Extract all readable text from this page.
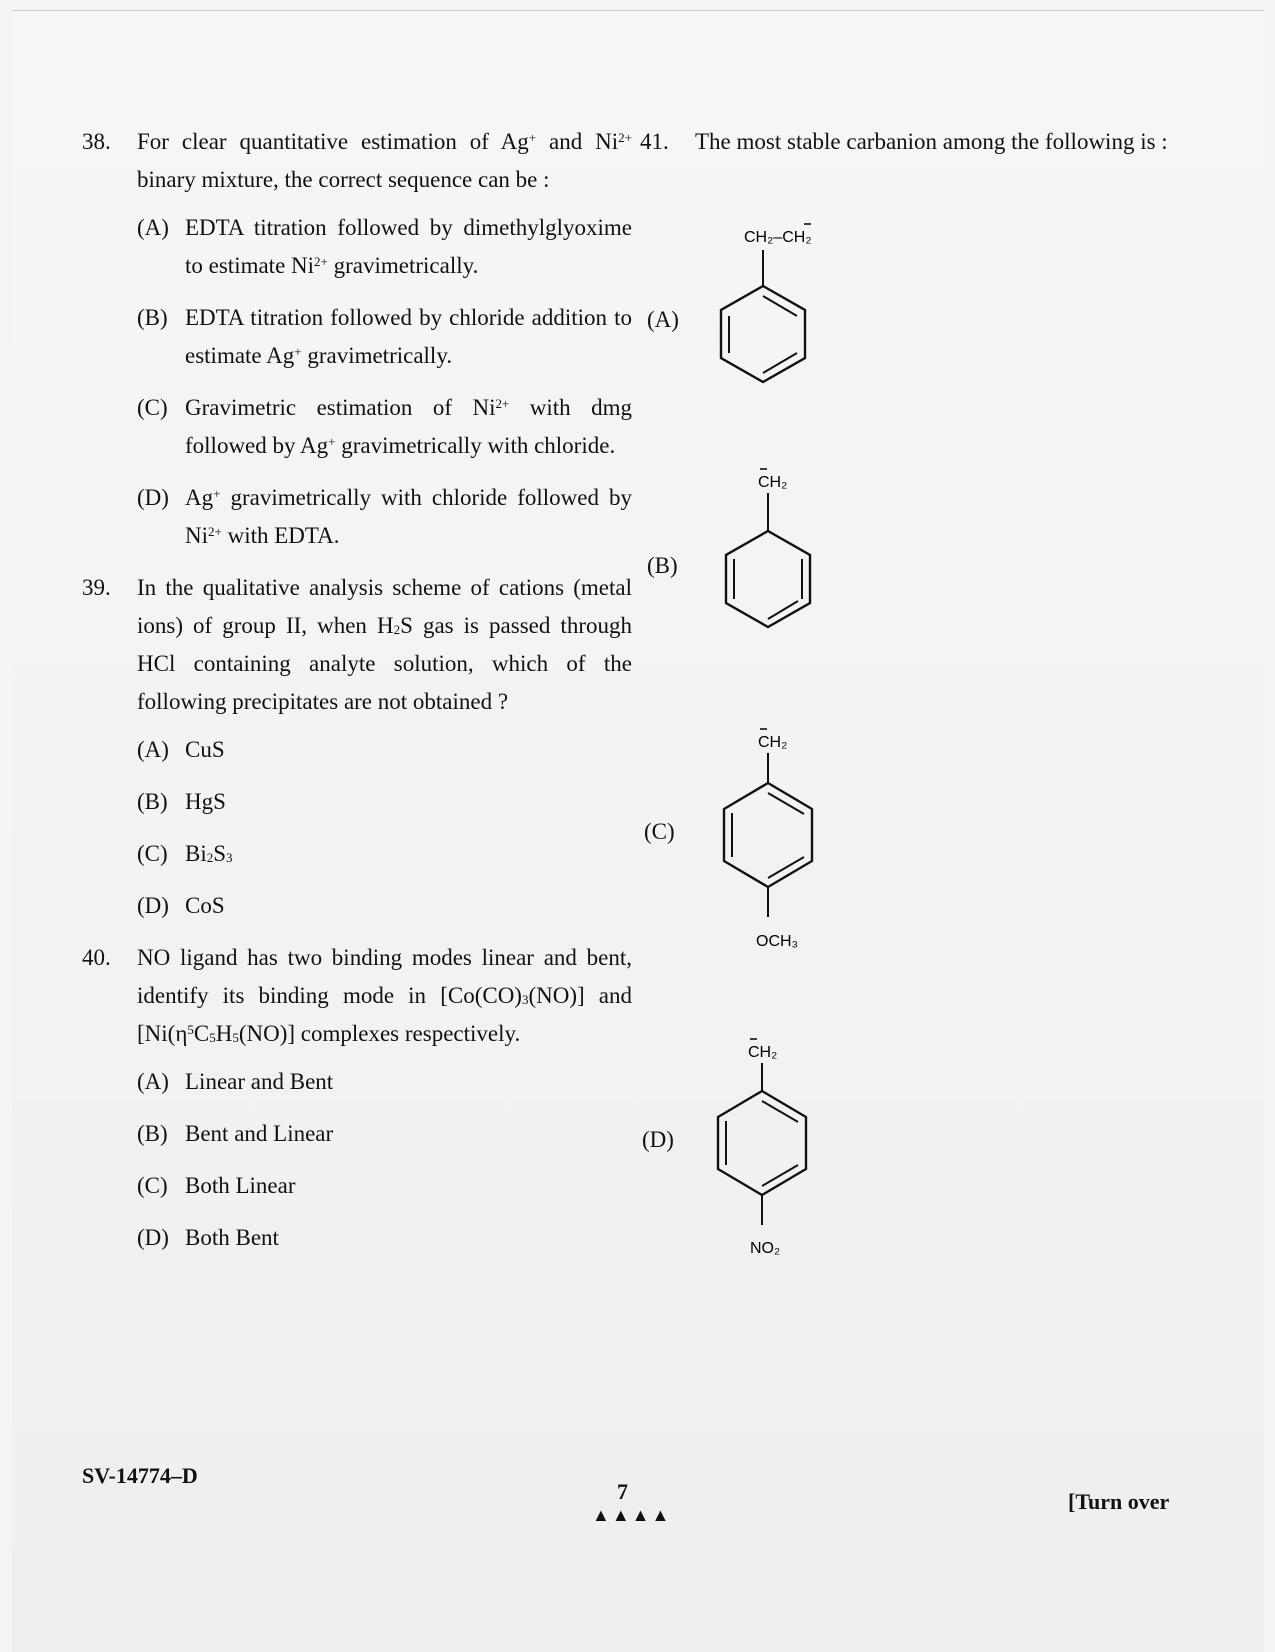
38. For clear quantitative estimation of Ag+ and $Ni^{2+}$ binary mixture, the correct sequence can be :
(A) EDTA titration followed by dimethylglyoxime to estimate $Ni^{2+}$ gravimetrically.
(B) EDTA titration followed by chloride addition to estimate Ag+ gravimetrically.
(C) Gravimetric estimation of $Ni^{2+}$ with dmg followed by Ag+ gravimetrically with chloride.
(D) Ag+ gravimetrically with chloride followed by $Ni^{2+}$ with EDTA.
39. In the qualitative analysis scheme of cations (metal ions) of group II, when $H_2S$ gas is passed through HCl containing analyte solution, which of the following precipitates are not obtained ?
(A) CuS
(B) HgS
(C) $Bi_2S_3$
(D) CoS
40. NO ligand has two binding modes linear and bent, identify its binding mode in $[Co(CO)_3(NO)]$ and [$Ni(\eta^5C_5H_5(NO)]$ complexes respectively.
(A) Linear and Bent
(B) Bent and Linear
(C) Both Linear
(D) Both Bent
41. The most stable carbanion among the following is :
(A)
(B)
(C)
(D)
CH₂–CH₂
CH₂
CH₂
OCH₃
CH₂
NO₂
SV-14774–D
7
▲▲▲▲
[Turn over
